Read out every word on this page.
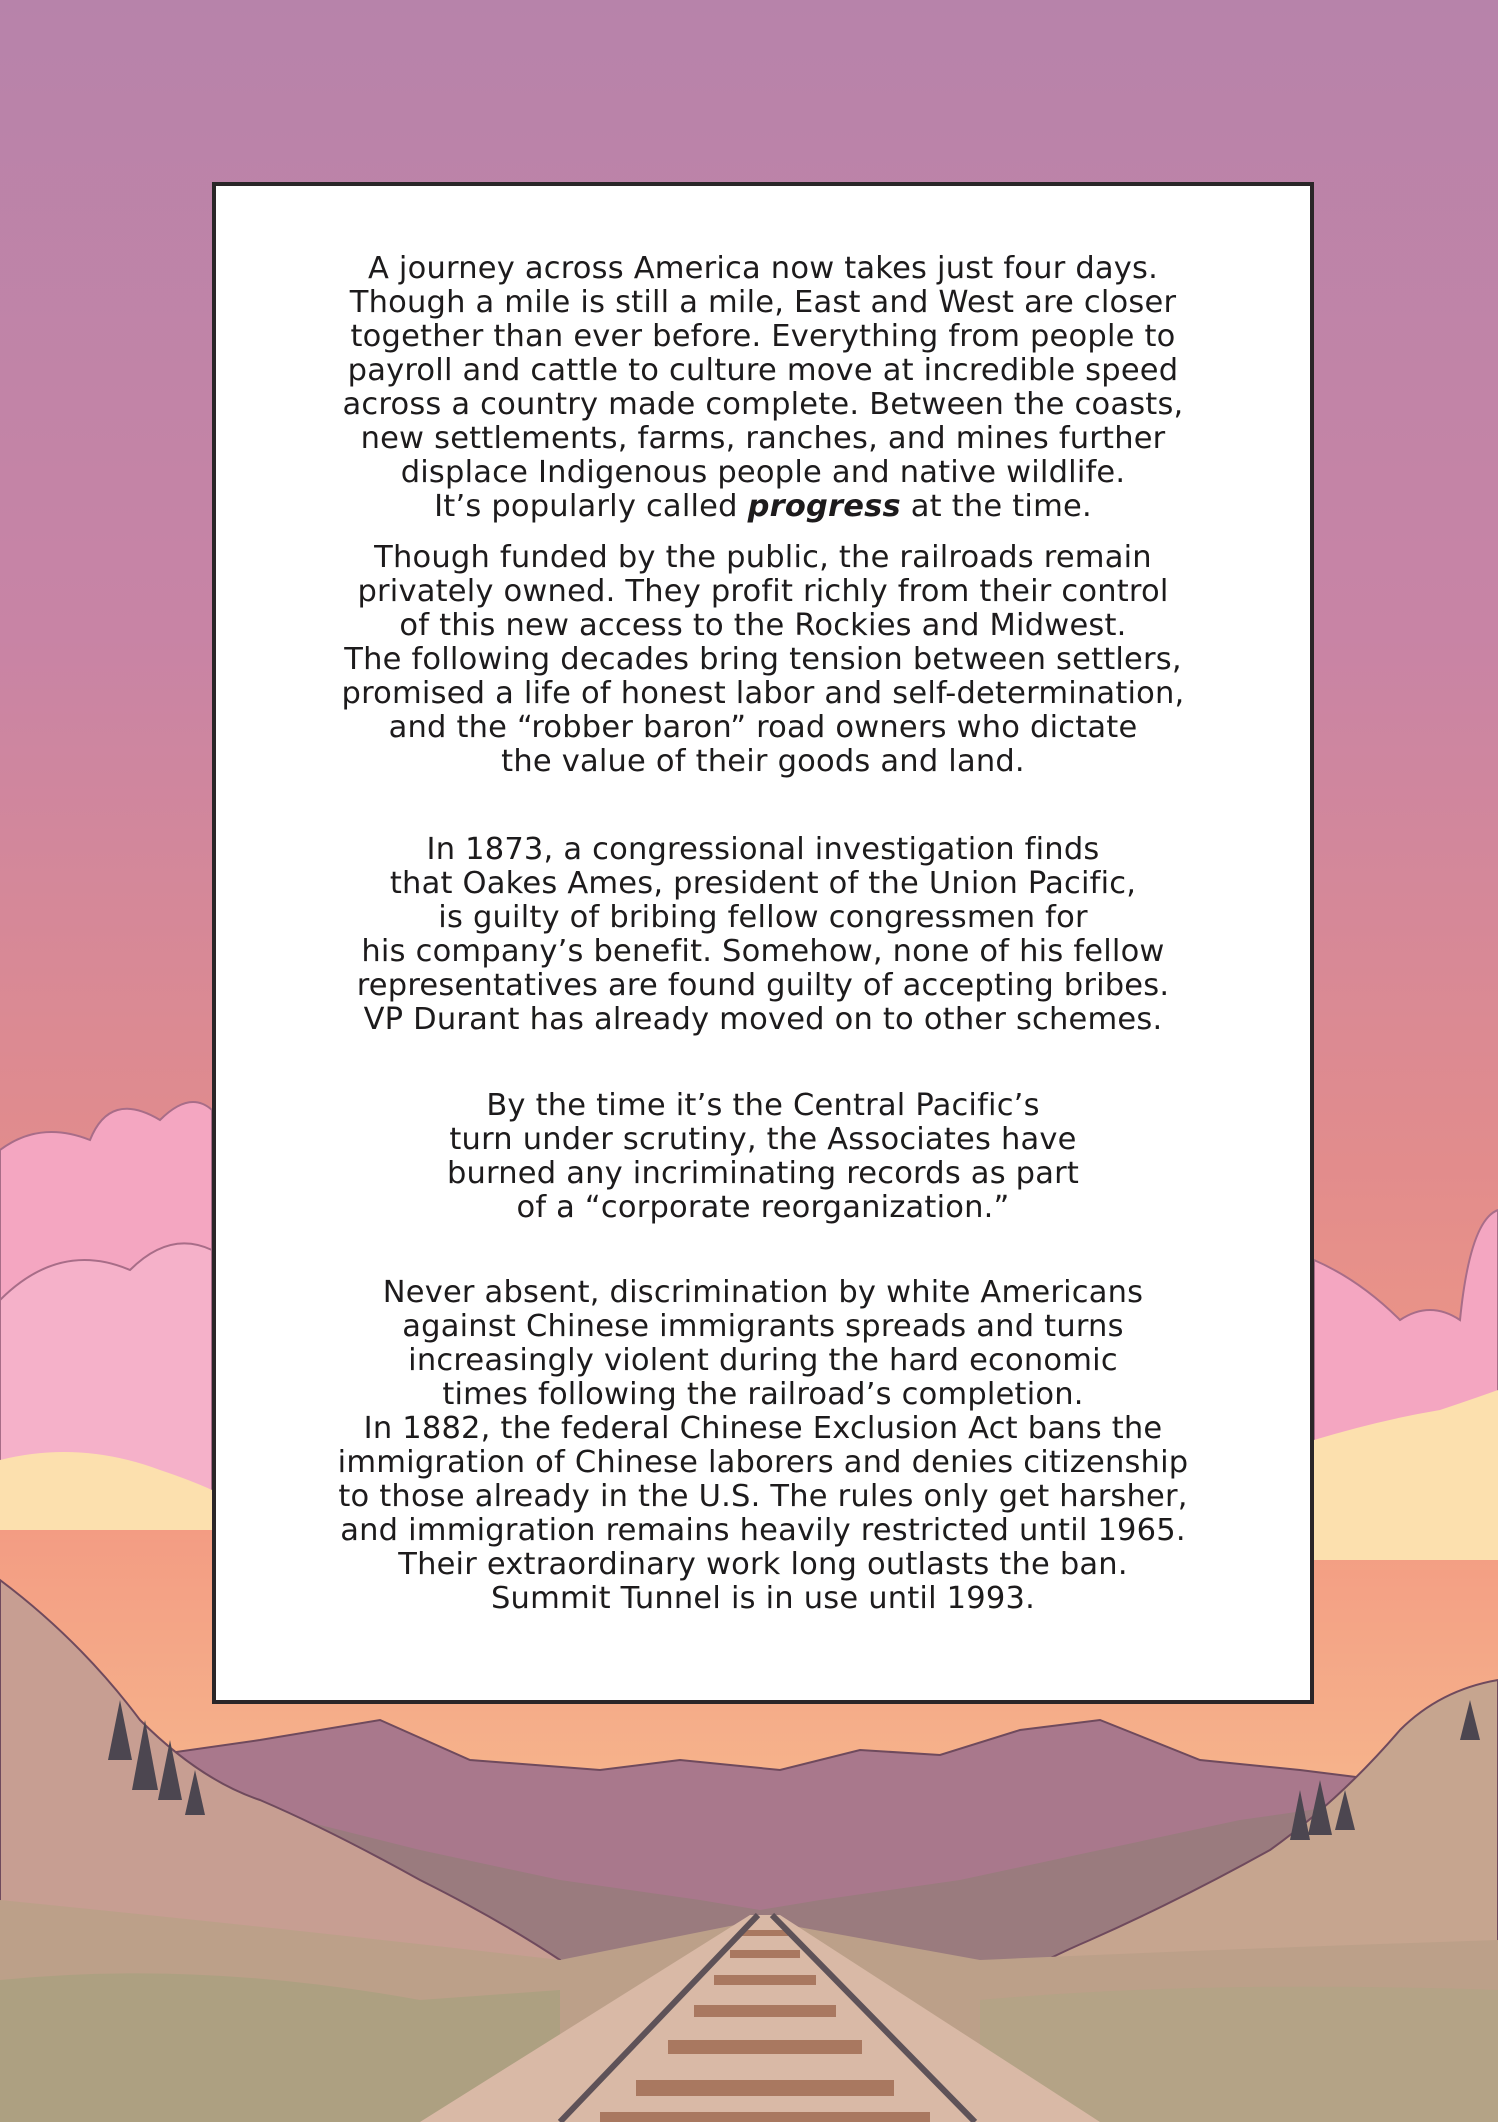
A journey across America now takes just four days.
Though a mile is still a mile, East and West are closer
together than ever before. Everything from people to
payroll and cattle to culture move at incredible speed
across a country made complete. Between the coasts,
new settlements, farms, ranches, and mines further
displace Indigenous people and native wildlife.
It’s popularly called progress at the time.
Though funded by the public, the railroads remain
privately owned. They profit richly from their control
of this new access to the Rockies and Midwest.
The following decades bring tension between settlers,
promised a life of honest labor and self-determination,
and the “robber baron” road owners who dictate
the value of their goods and land.
In 1873, a congressional investigation finds
that Oakes Ames, president of the Union Pacific,
is guilty of bribing fellow congressmen for
his company’s benefit. Somehow, none of his fellow
representatives are found guilty of accepting bribes.
VP Durant has already moved on to other schemes.
By the time it’s the Central Pacific’s
turn under scrutiny, the Associates have
burned any incriminating records as part
of a “corporate reorganization.”
Never absent, discrimination by white Americans
against Chinese immigrants spreads and turns
increasingly violent during the hard economic
times following the railroad’s completion.
In 1882, the federal Chinese Exclusion Act bans the
immigration of Chinese laborers and denies citizenship
to those already in the U.S. The rules only get harsher,
and immigration remains heavily restricted until 1965.
Their extraordinary work long outlasts the ban.
Summit Tunnel is in use until 1993.
